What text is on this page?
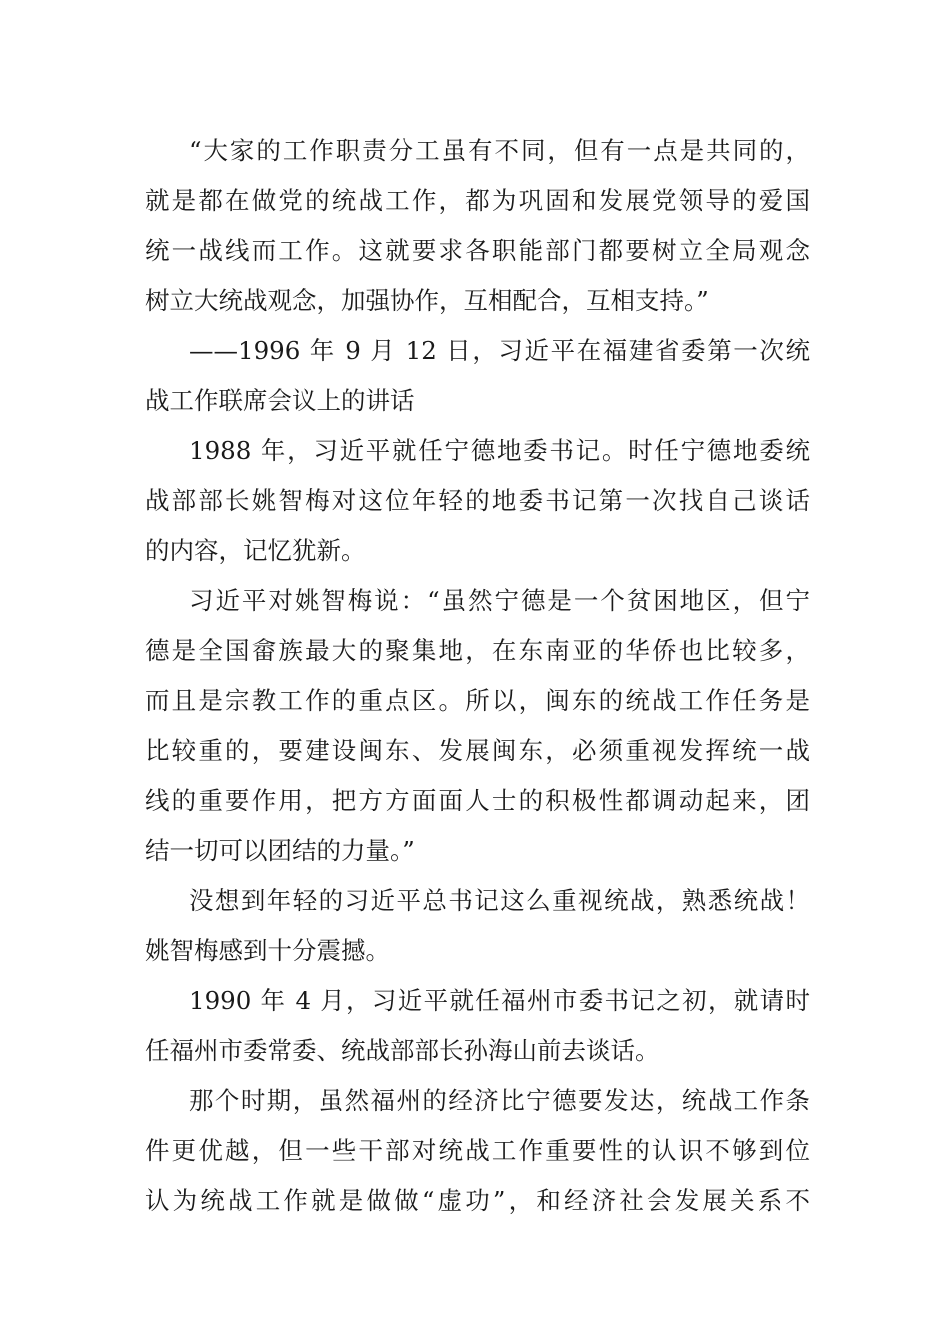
“大家的工作职责分工虽有不同，但有一点是共同的，
就是都在做党的统战工作，都为巩固和发展党领导的爱国
统一战线而工作。这就要求各职能部门都要树立全局观念
树立大统战观念，加强协作，互相配合，互相支持。”
——1996 年 9 月 12 日，习近平在福建省委第一次统
战工作联席会议上的讲话
1988 年，习近平就任宁德地委书记。时任宁德地委统
战部部长姚智梅对这位年轻的地委书记第一次找自己谈话
的内容，记忆犹新。
习近平对姚智梅说：“虽然宁德是一个贫困地区，但宁
德是全国畲族最大的聚集地，在东南亚的华侨也比较多，
而且是宗教工作的重点区。所以，闽东的统战工作任务是
比较重的，要建设闽东、发展闽东，必须重视发挥统一战
线的重要作用，把方方面面人士的积极性都调动起来，团
结一切可以团结的力量。”
没想到年轻的习近平总书记这么重视统战，熟悉统战！
姚智梅感到十分震撼。
1990 年 4 月，习近平就任福州市委书记之初，就请时
任福州市委常委、统战部部长孙海山前去谈话。
那个时期，虽然福州的经济比宁德要发达，统战工作条
件更优越，但一些干部对统战工作重要性的认识不够到位
认为统战工作就是做做“虚功”，和经济社会发展关系不
